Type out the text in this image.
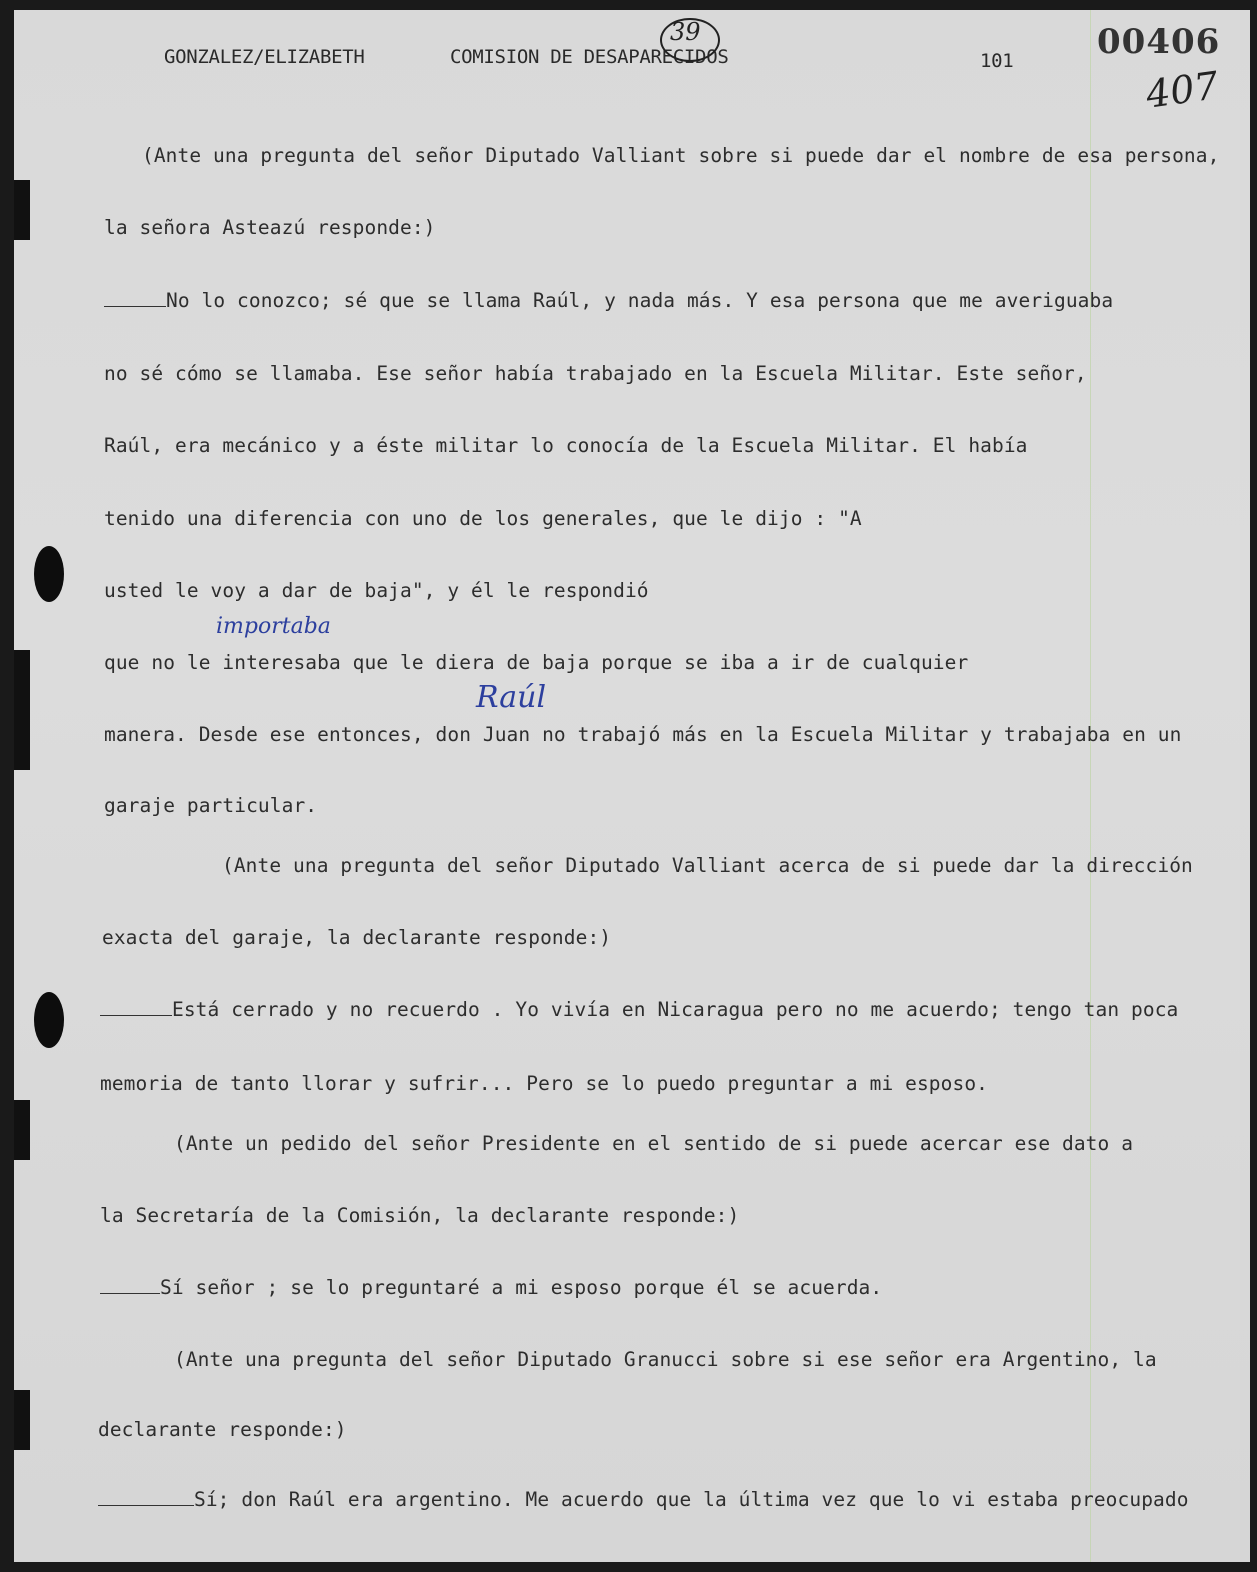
GONZALEZ/ELIZABETH	COMISION DE DESAPARECIDOS	101
39	00406
407
(Ante una pregunta del señor Diputado Valliant sobre si puede dar el nombre de esa persona,
la señora Asteazú responde:)
No lo conozco; sé que se llama Raúl, y nada más. Y esa persona que me averiguaba
no sé cómo se llamaba. Ese señor había trabajado en la Escuela Militar. Este señor,
Raúl, era mecánico y a éste militar lo conocía de la Escuela Militar. El había
tenido una diferencia con uno de los generales, que le dijo : "A
usted le voy a dar de baja", y él le respondió
importaba
que no le interesaba que le diera de baja porque se iba a ir de cualquier
Raúl
manera. Desde ese entonces, don Juan no trabajó más en la Escuela Militar y trabajaba en un
garaje particular.
(Ante una pregunta del señor Diputado Valliant acerca de si puede dar la dirección
exacta del garaje, la declarante responde:)
Está cerrado y no recuerdo . Yo vivía en Nicaragua pero no me acuerdo; tengo tan poca
memoria de tanto llorar y sufrir... Pero se lo puedo preguntar a mi esposo.
(Ante un pedido del señor Presidente en el sentido de si puede acercar ese dato a
la Secretaría de la Comisión, la declarante responde:)
Sí señor ; se lo preguntaré a mi esposo porque él se acuerda.
(Ante una pregunta del señor Diputado Granucci sobre si ese señor era Argentino, la
declarante responde:)
Sí; don Raúl era argentino. Me acuerdo que la última vez que lo vi estaba preocupado
